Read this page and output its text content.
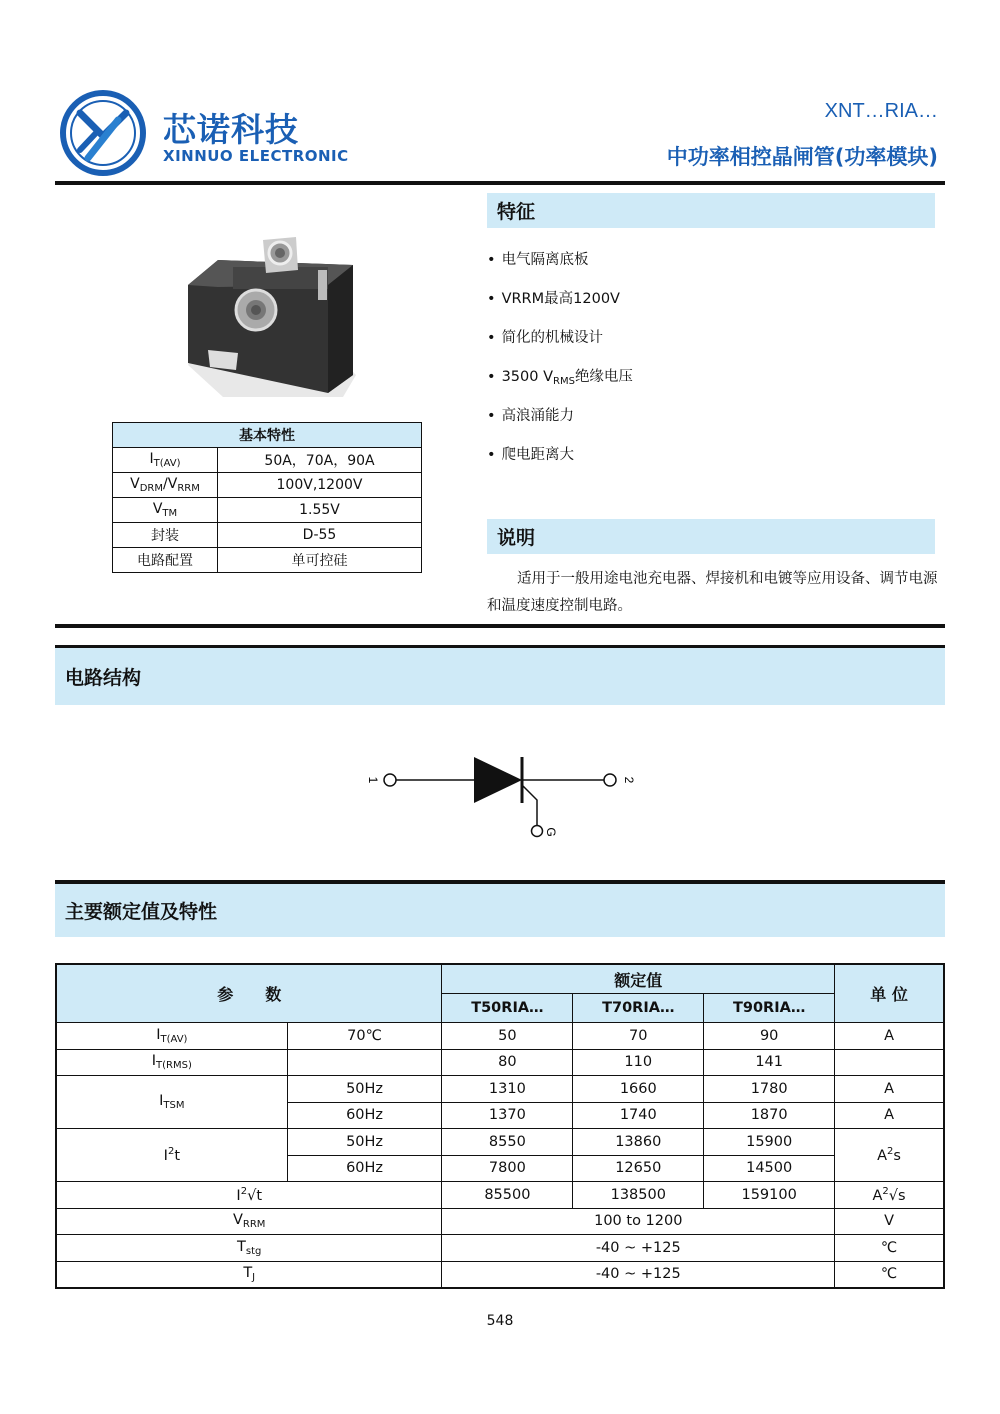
芯诺科技
XINNUO ELECTRONIC
XNT…RIA…
中功率相控晶闸管(功率模块)
基本特性	
$I_{T(AV)}$	50A，70A，90A
$V_{DRM}/V_{RRM}$	100V,1200V
$V_{TM}$	1.55V
封装	D-55
电路配置	单可控硅
特征
• 电气隔离底板
• VRRM最高1200V
• 简化的机械设计
• 3500 $V_{RMS}$绝缘电压
• 高浪涌能力
• 爬电距离大
说明
适用于一般用途电池充电器、焊接机和电镀等应用设备、调节电源和温度速度控制电路。
电路结构
1	2
G
主要额定值及特性
参　　数		额定值			单 位
		T50RIA…	T70RIA…	T90RIA…	
$I_{T(AV)}$	70℃	50	70	90	A
$I_{T(RMS)}$		80	110	141	
$I_{TSM}$	50Hz	1310	1660	1780	A
	60Hz	1370	1740	1870	A
$I^2t$	50Hz	8550	13860	15900	$A^2s$
	60Hz	7800	12650	14500	
$I^2√t$		85500	138500	159100	$A^2√s$
$V_{RRM}$		100 to 1200			V
$T_{stg}$		-40 ~ +125			℃
$T_J$		-40 ~ +125			℃
548
